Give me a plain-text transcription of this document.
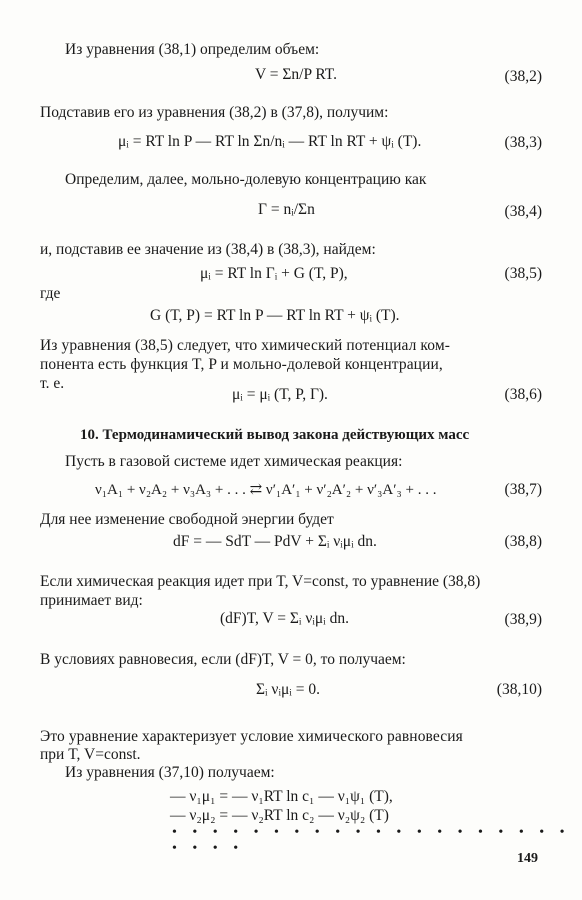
Из уравнения (38,1) определим объем:
V = Σn/P RT.	(38,2)
Подставив его из уравнения (38,2) в (37,8), получим:
μᵢ = RT ln P — RT ln Σn/nᵢ — RT ln RT + ψᵢ (T).	(38,3)
Определим, далее, мольно-долевую концентрацию как
Γ = nᵢ/Σn	(38,4)
и, подставив ее значение из (38,4) в (38,3), найдем:
μᵢ = RT ln Γᵢ + G (T, P),	(38,5)
где
G (T, P) = RT ln P — RT ln RT + ψᵢ (T).
Из уравнения (38,5) следует, что химический потенциал ком-
понента есть функция T, P и мольно-долевой концентрации,
т. е.
μᵢ = μᵢ (T, P, Γ).	(38,6)
10. Термодинамический вывод закона действующих масс
Пусть в газовой системе идет химическая реакция:
ν₁A₁ + ν₂A₂ + ν₃A₃ + . . . ⇄ ν′₁A′₁ + ν′₂A′₂ + ν′₃A′₃ + . . .	(38,7)
Для нее изменение свободной энергии будет
dF = — SdT — PdV + Σᵢ νᵢμᵢ dn.	(38,8)
Если химическая реакция идет при T, V=const, то уравнение (38,8)
принимает вид:
(dF)T, V = Σᵢ νᵢμᵢ dn.	(38,9)
В условиях равновесия, если (dF)T, V = 0, то получаем:
Σᵢ νᵢμᵢ = 0.	(38,10)
Это уравнение характеризует условие химического равновесия
при T, V=const.
Из уравнения (37,10) получаем:
— ν₁μ₁ = — ν₁RT ln c₁ — ν₁ψ₁ (T),
— ν₂μ₂ = — ν₂RT ln c₂ — ν₂ψ₂ (T)
• • • • • • • • • • • • • • • • • • • • • • • •
149
